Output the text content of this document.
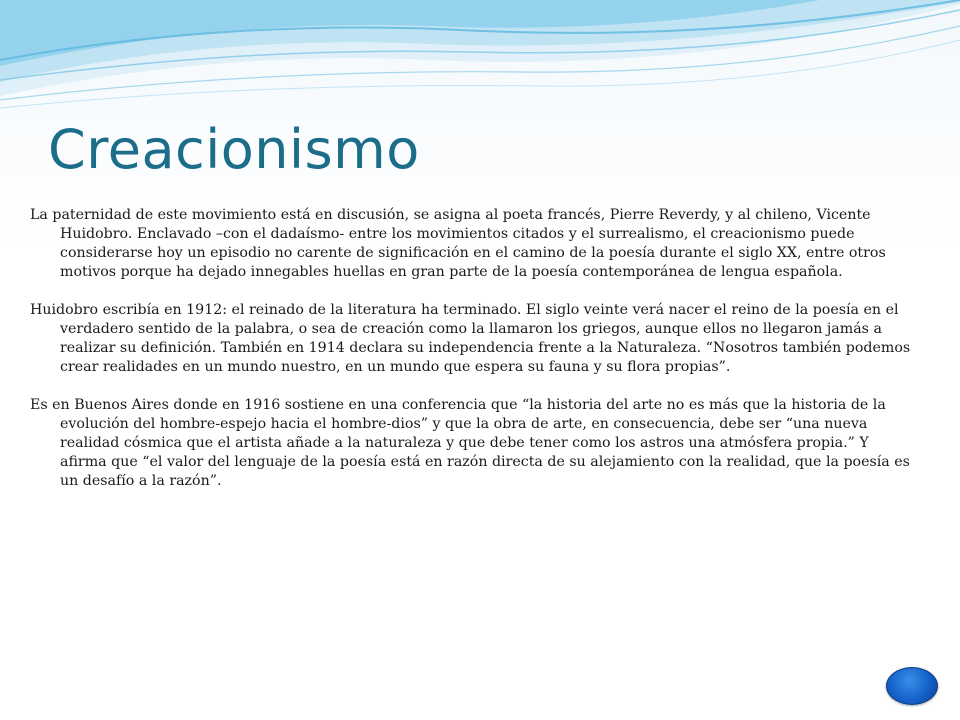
Creacionismo

La paternidad de este movimiento está en discusión, se asigna al poeta francés, Pierre Reverdy, y al chileno, Vicente Huidobro. Enclavado –con el dadaísmo- entre los movimientos citados y el surrealismo, el creacionismo puede considerarse hoy un episodio no carente de significación en el camino de la poesía durante el siglo XX, entre otros motivos porque ha dejado innegables huellas en gran parte de la poesía contemporánea de lengua española.

Huidobro escribía en 1912: el reinado de la literatura ha terminado. El siglo veinte verá nacer el reino de la poesía en el verdadero sentido de la palabra, o sea de creación como la llamaron los griegos, aunque ellos no llegaron jamás a realizar su definición. También en 1914 declara su independencia frente a la Naturaleza. “Nosotros también podemos crear realidades en un mundo nuestro, en un mundo que espera su fauna y su flora propias”.

Es en Buenos Aires donde en 1916 sostiene en una conferencia que “la historia del arte no es más que la historia de la evolución del hombre-espejo hacia el hombre-dios” y que la obra de arte, en consecuencia, debe ser “una nueva realidad cósmica que el artista añade a la naturaleza y que debe tener como los astros una atmósfera propia.” Y afirma que “el valor del lenguaje de la poesía está en razón directa de su alejamiento con la realidad, que la poesía es un desafío a la razón”.
